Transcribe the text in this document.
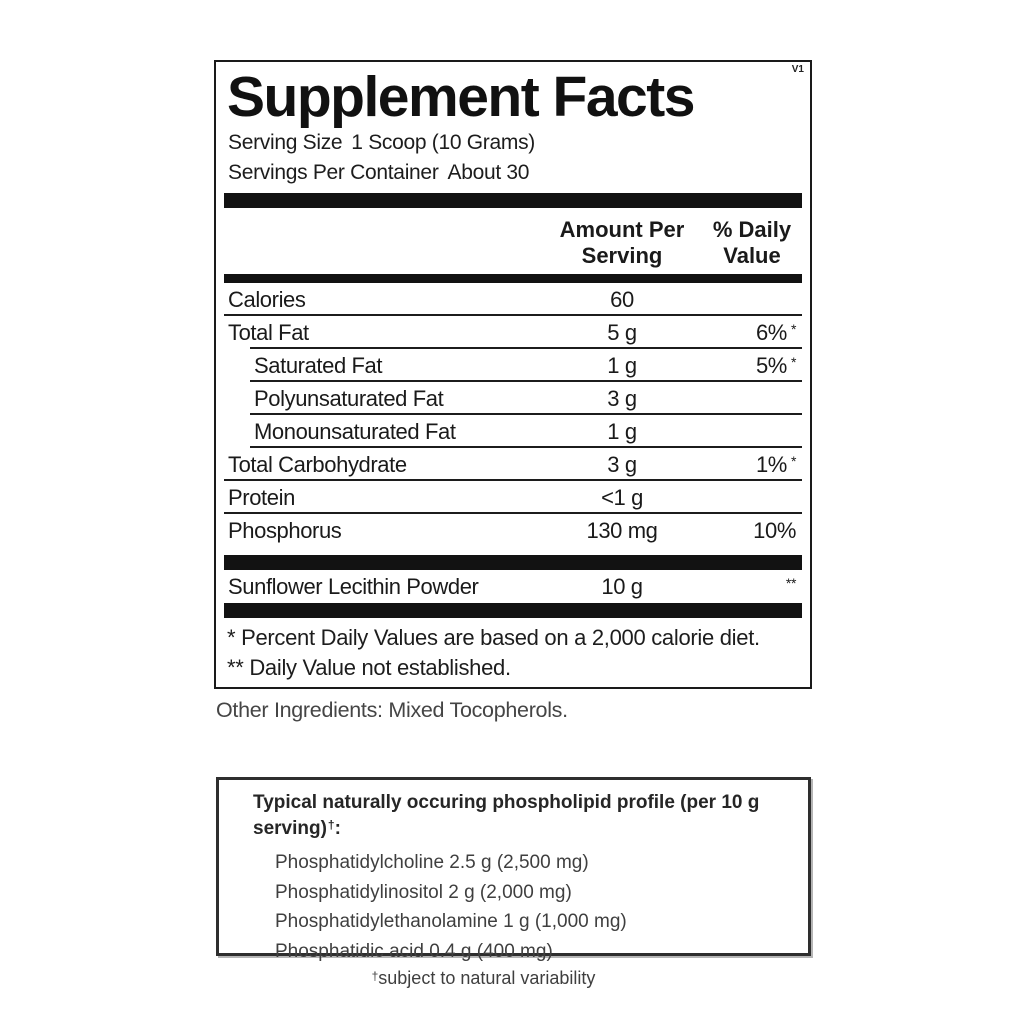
V1
Supplement Facts
Serving Size 1 Scoop (10 Grams)
Servings Per Container About 30
Amount Per
Serving
% Daily
Value
Calories	60
Total Fat	5 g	6% *
Saturated Fat	1 g	5% *
Polyunsaturated Fat	3 g
Monounsaturated Fat	1 g
Total Carbohydrate	3 g	1% *
Protein	<1 g
Phosphorus	130 mg	10%
Sunflower Lecithin Powder	10 g	**
* Percent Daily Values are based on a 2,000 calorie diet.
** Daily Value not established.
Other Ingredients: Mixed Tocopherols.
Typical naturally occuring phospholipid profile (per 10 g serving)†:
Phosphatidylcholine 2.5 g (2,500 mg)
Phosphatidylinositol 2 g (2,000 mg)
Phosphatidylethanolamine 1 g (1,000 mg)
Phosphatidic acid 0.4 g (400 mg)
†subject to natural variability
